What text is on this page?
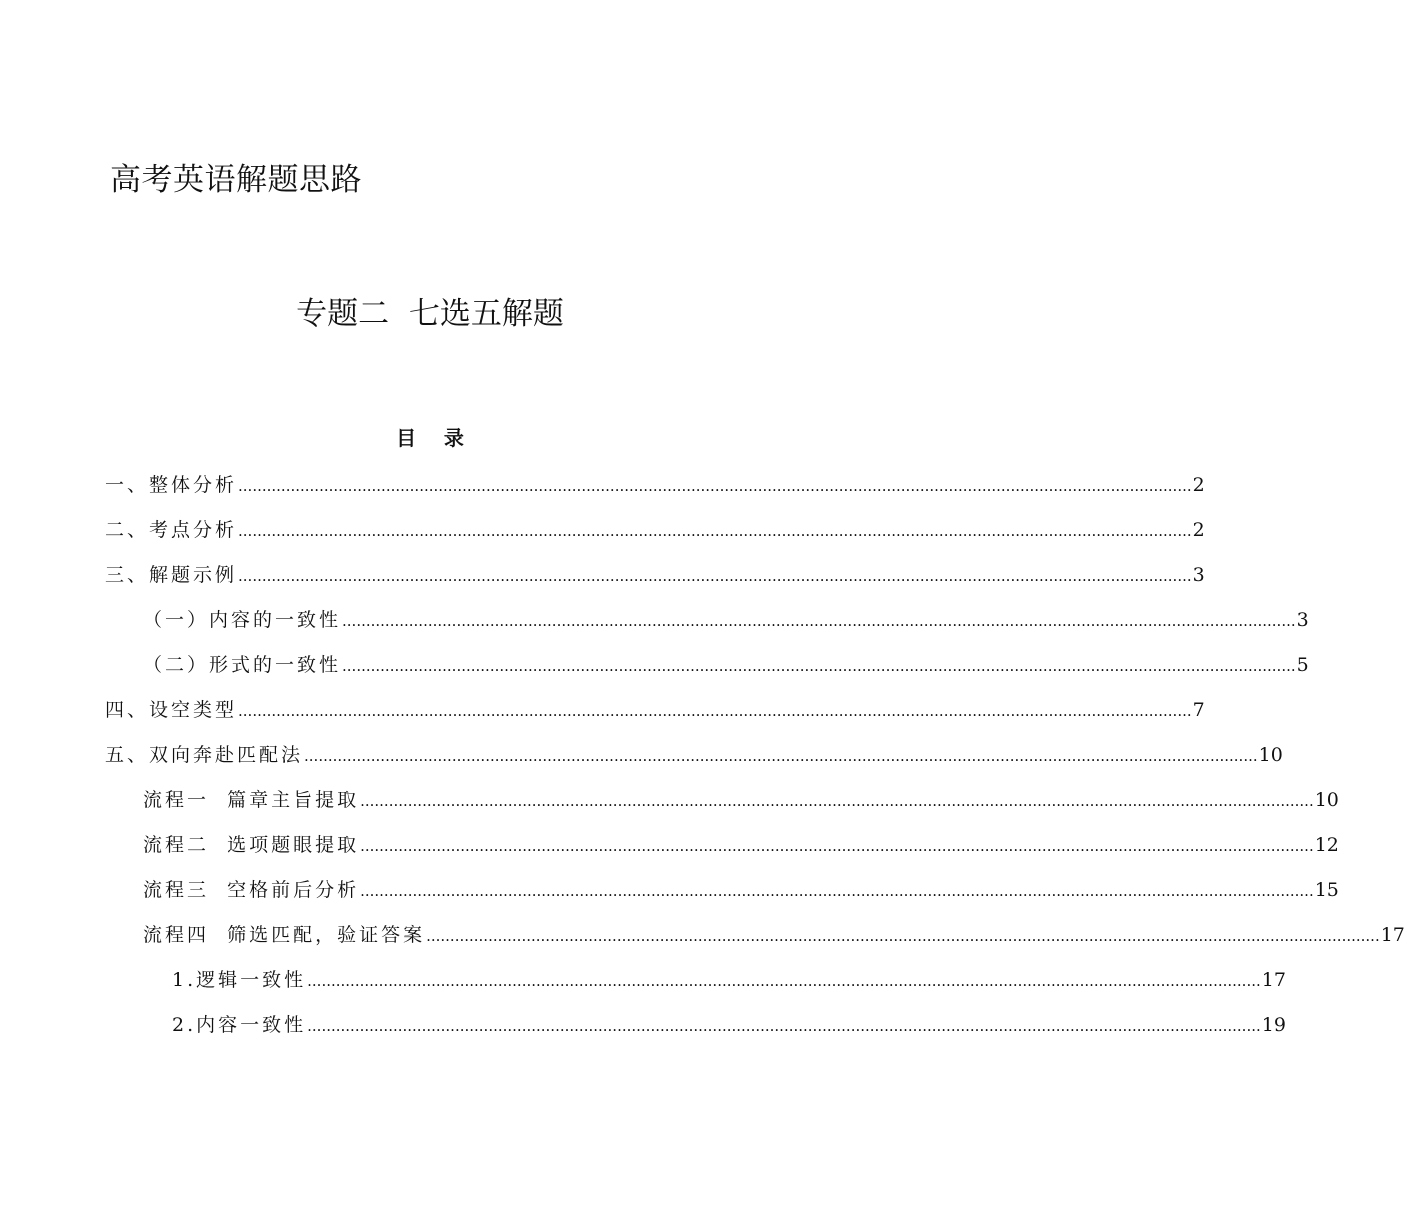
高考英语解题思路
专题二  七选五解题
目    录
一、整体分析 ........................................................................................................................................................................................................ 2
二、考点分析 ........................................................................................................................................................................................................ 2
三、解题示例 ........................................................................................................................................................................................................ 3
（一）内容的一致性 ........................................................................................................................................................................................................ 3
（二）形式的一致性 ........................................................................................................................................................................................................ 5
四、设空类型 ........................................................................................................................................................................................................ 7
五、双向奔赴匹配法 ........................................................................................................................................................................................................ 10
流程一  篇章主旨提取 ........................................................................................................................................................................................................ 10
流程二  选项题眼提取 ........................................................................................................................................................................................................ 12
流程三  空格前后分析 ........................................................................................................................................................................................................ 15
流程四  筛选匹配，验证答案 ........................................................................................................................................................................................................ 17
1.逻辑一致性 ........................................................................................................................................................................................................ 17
2.内容一致性 ........................................................................................................................................................................................................ 19
